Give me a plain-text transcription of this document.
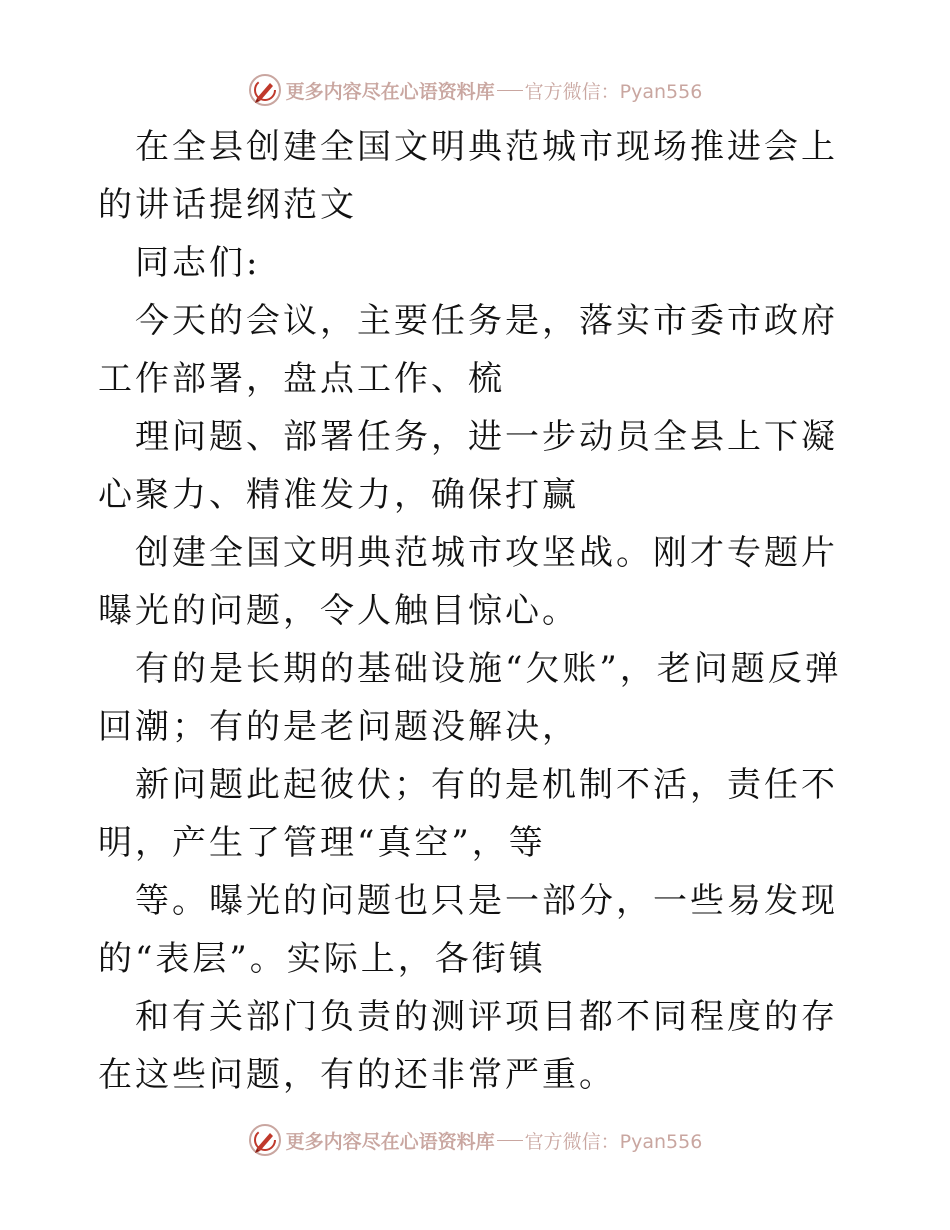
更多内容尽在心语资料库 官方微信：Pyan556

在全县创建全国文明典范城市现场推进会上的讲话提纲范文

同志们:

今天的会议，主要任务是，落实市委市政府工作部署，盘点工作、梳

理问题、部署任务，进一步动员全县上下凝心聚力、精准发力，确保打赢

创建全国文明典范城市攻坚战。刚才专题片曝光的问题，令人触目惊心。

有的是长期的基础设施“欠账”，老问题反弹回潮；有的是老问题没解决，

新问题此起彼伏；有的是机制不活，责任不明，产生了管理“真空”，等

等。曝光的问题也只是一部分，一些易发现的“表层”。实际上，各街镇

和有关部门负责的测评项目都不同程度的存在这些问题，有的还非常严重。

更多内容尽在心语资料库 官方微信：Pyan556
